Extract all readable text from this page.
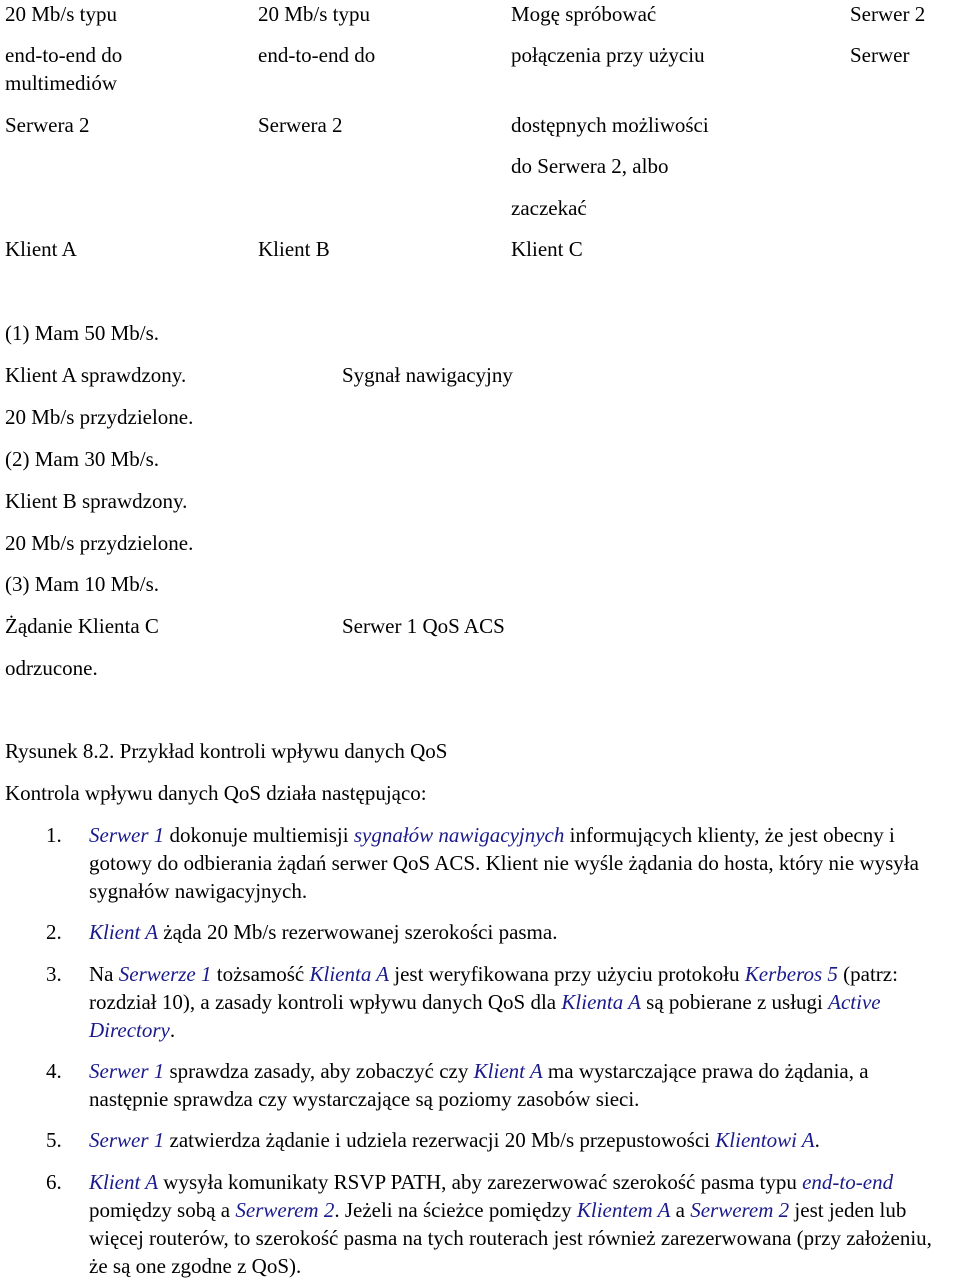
20 Mb/s typu
end-to-end do
multimediów
Serwera 2
20 Mb/s typu
end-to-end do
Serwera 2
Mogę spróbować
połączenia przy użyciu
dostępnych możliwości
do Serwera 2, albo
zaczekać
Serwer 2
Serwer
Klient A	Klient B	Klient C
(1) Mam 50 Mb/s.
Klient A sprawdzony.
20 Mb/s przydzielone.
(2) Mam 30 Mb/s.
Klient B sprawdzony.
20 Mb/s przydzielone.
(3) Mam 10 Mb/s.
Żądanie Klienta C
odrzucone.
Sygnał nawigacyjny
Serwer 1 QoS ACS
Rysunek 8.2. Przykład kontroli wpływu danych QoS
Kontrola wpływu danych QoS działa następująco:
1. Serwer 1 dokonuje multiemisji sygnałów nawigacyjnych informujących klienty, że jest obecny i gotowy do odbierania żądań serwer QoS ACS. Klient nie wyśle żądania do hosta, który nie wysyła sygnałów nawigacyjnych.
2. Klient A żąda 20 Mb/s rezerwowanej szerokości pasma.
3. Na Serwerze 1 tożsamość Klienta A jest weryfikowana przy użyciu protokołu Kerberos 5 (patrz: rozdział 10), a zasady kontroli wpływu danych QoS dla Klienta A są pobierane z usługi Active Directory.
4. Serwer 1 sprawdza zasady, aby zobaczyć czy Klient A ma wystarczające prawa do żądania, a następnie sprawdza czy wystarczające są poziomy zasobów sieci.
5. Serwer 1 zatwierdza żądanie i udziela rezerwacji 20 Mb/s przepustowości Klientowi A.
6. Klient A wysyła komunikaty RSVP PATH, aby zarezerwować szerokość pasma typu end-to-end pomiędzy sobą a Serwerem 2. Jeżeli na ścieżce pomiędzy Klientem A a Serwerem 2 jest jeden lub więcej routerów, to szerokość pasma na tych routerach jest również zarezerwowana (przy założeniu, że są one zgodne z QoS).
